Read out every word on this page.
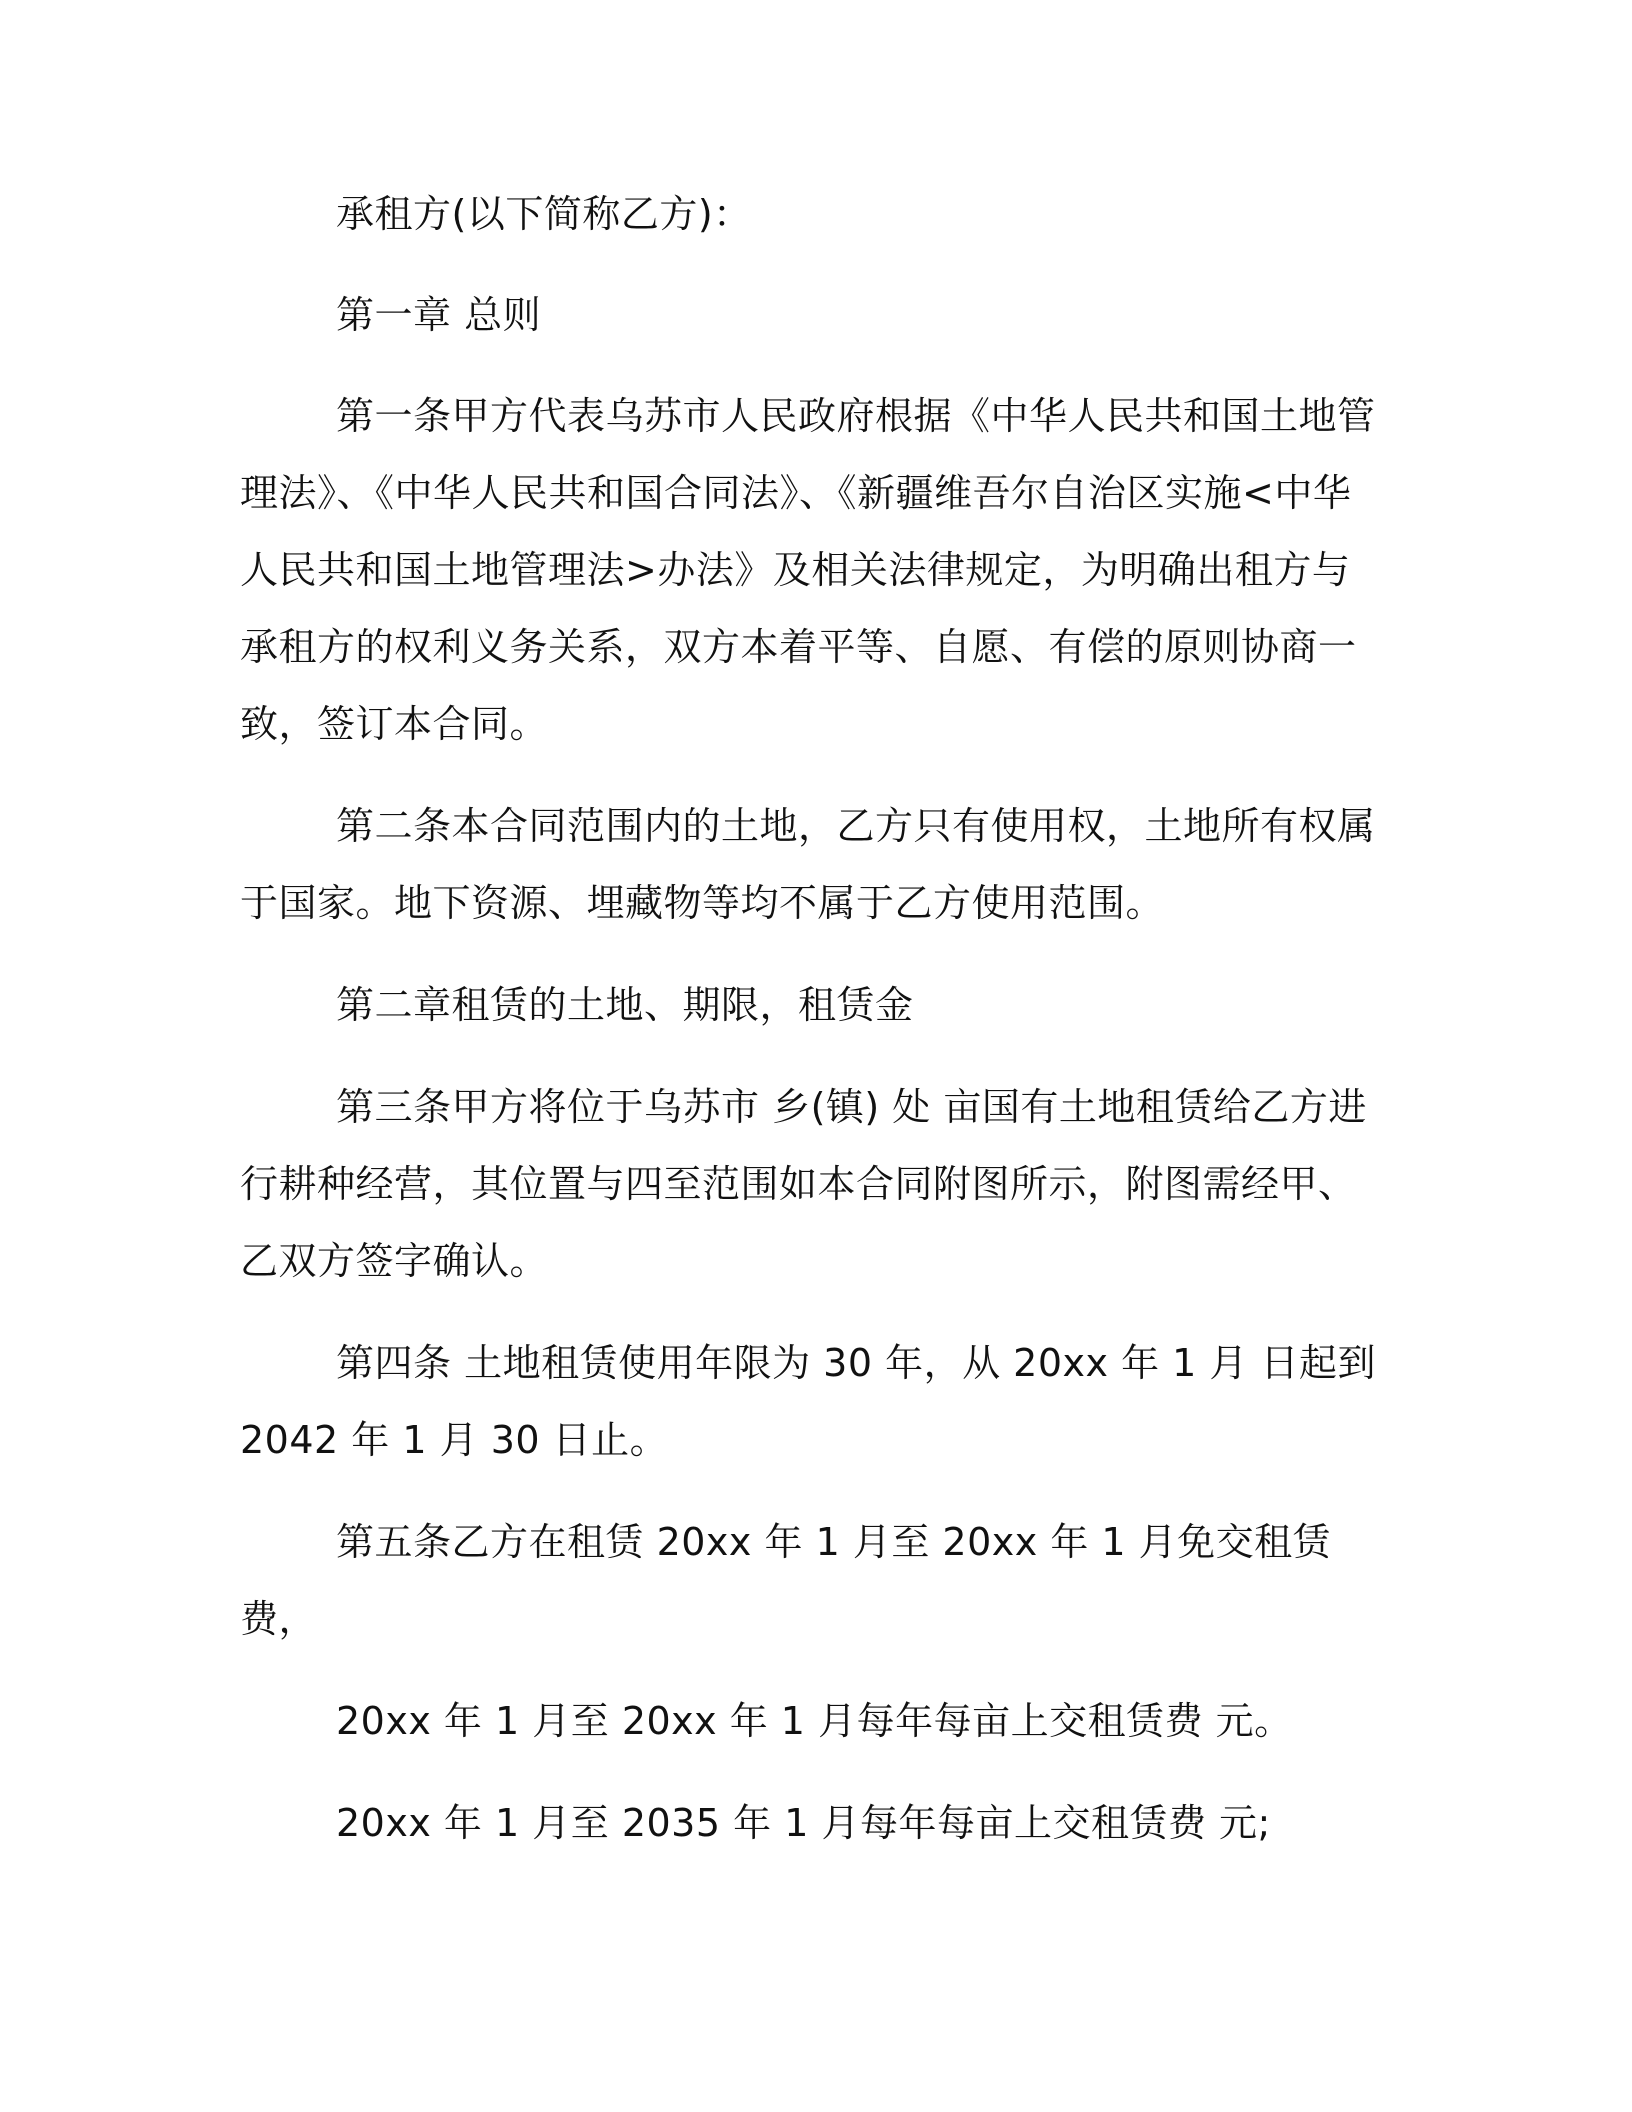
承租方(以下简称乙方)：

第一章 总则

第一条甲方代表乌苏市人民政府根据《中华人民共和国土地管理法》、《中华人民共和国合同法》、《新疆维吾尔自治区实施<中华人民共和国土地管理法>办法》及相关法律规定，为明确出租方与承租方的权利义务关系，双方本着平等、自愿、有偿的原则协商一致，签订本合同。

第二条本合同范围内的土地，乙方只有使用权，土地所有权属于国家。地下资源、埋藏物等均不属于乙方使用范围。

第二章租赁的土地、期限，租赁金

第三条甲方将位于乌苏市 乡(镇) 处 亩国有土地租赁给乙方进行耕种经营，其位置与四至范围如本合同附图所示，附图需经甲、乙双方签字确认。

第四条 土地租赁使用年限为 30 年，从 20xx 年 1 月 日起到 2042 年 1 月 30 日止。

第五条乙方在租赁 20xx 年 1 月至 20xx 年 1 月免交租赁费，

20xx 年 1 月至 20xx 年 1 月每年每亩上交租赁费 元。

20xx 年 1 月至 2035 年 1 月每年每亩上交租赁费 元;
